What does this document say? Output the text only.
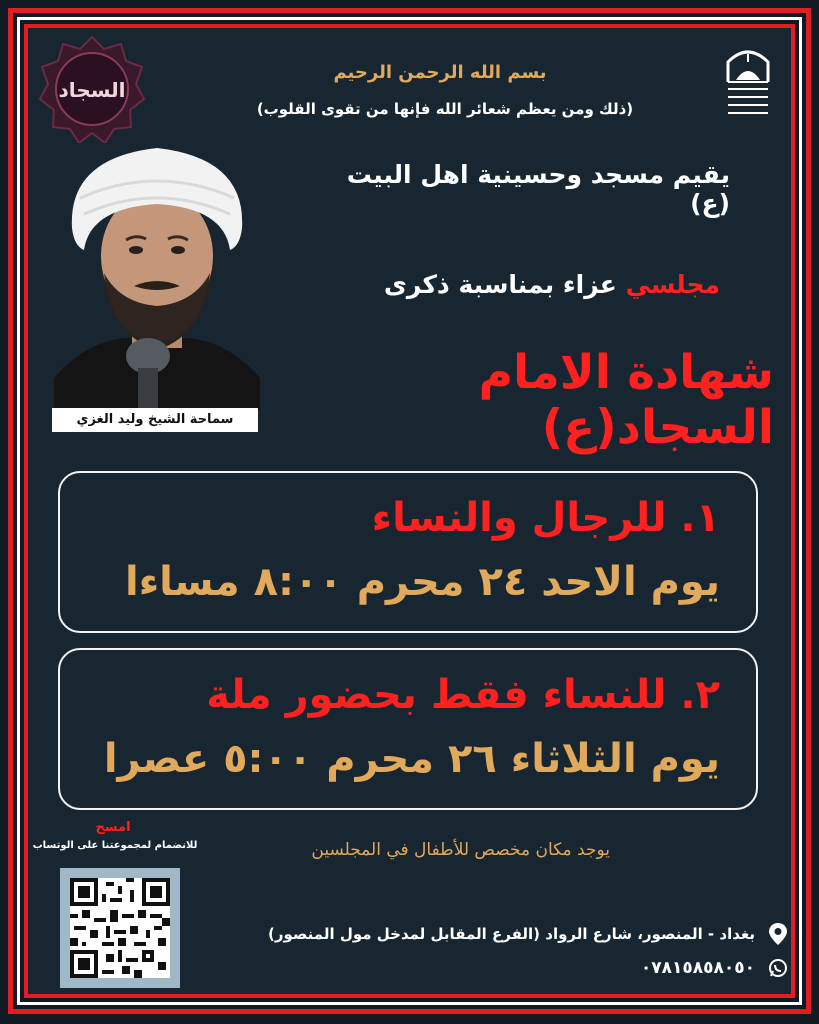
السجاد
بسم الله الرحمن الرحيم
(ذلك ومن يعظم شعائر الله فإنها من تقوى القلوب)
يقيم مسجد وحسينية اهل البيت (ع)
مجلسي عزاء بمناسبة ذكرى
شهادة الامام السجاد(ع)
سماحة الشيخ وليد الغزي
١. للرجال والنساء
يوم الاحد ٢٤ محرم ٨:٠٠ مساءا
٢. للنساء فقط بحضور ملة
يوم الثلاثاء ٢٦ محرم ٥:٠٠ عصرا
يوجد مكان مخصص للأطفال في المجلسين
امسح
للانضمام لمجموعتنا على الوتساب
بغداد - المنصور، شارع الرواد (الفرع المقابل لمدخل مول المنصور)
٠٧٨١٥٨٥٨٠٥٠
